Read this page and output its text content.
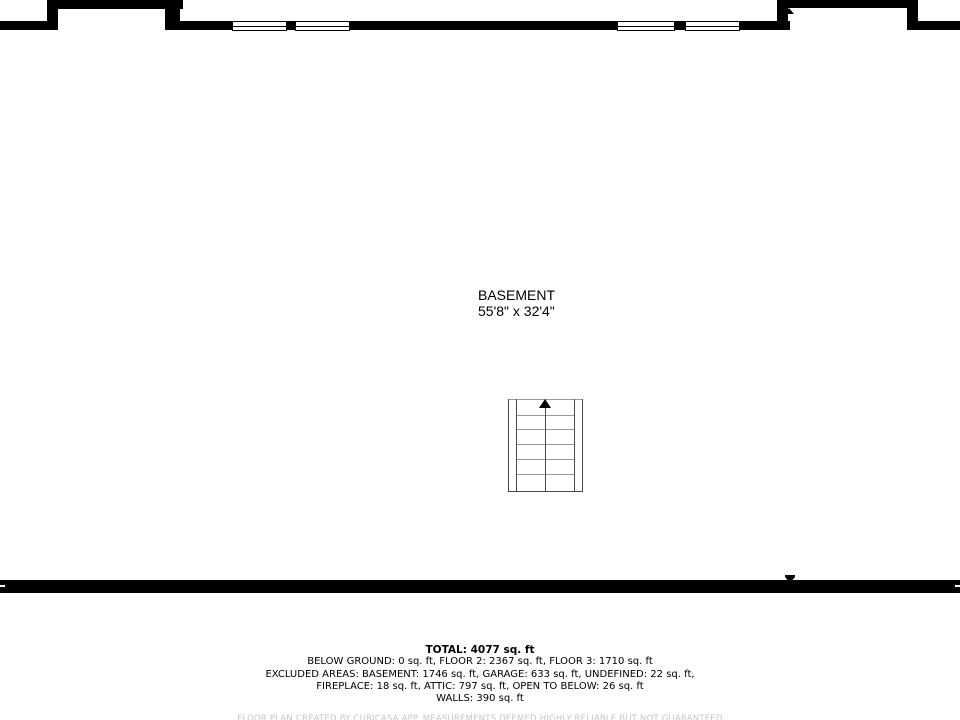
BASEMENT
55'8" x 32'4"
TOTAL: 4077 sq. ft
BELOW GROUND: 0 sq. ft, FLOOR 2: 2367 sq. ft, FLOOR 3: 1710 sq. ft
EXCLUDED AREAS: BASEMENT: 1746 sq. ft, GARAGE: 633 sq. ft, UNDEFINED: 22 sq. ft,
FIREPLACE: 18 sq. ft, ATTIC: 797 sq. ft, OPEN TO BELOW: 26 sq. ft
WALLS: 390 sq. ft
FLOOR PLAN CREATED BY CUBICASA APP. MEASUREMENTS DEEMED HIGHLY RELIABLE BUT NOT GUARANTEED
